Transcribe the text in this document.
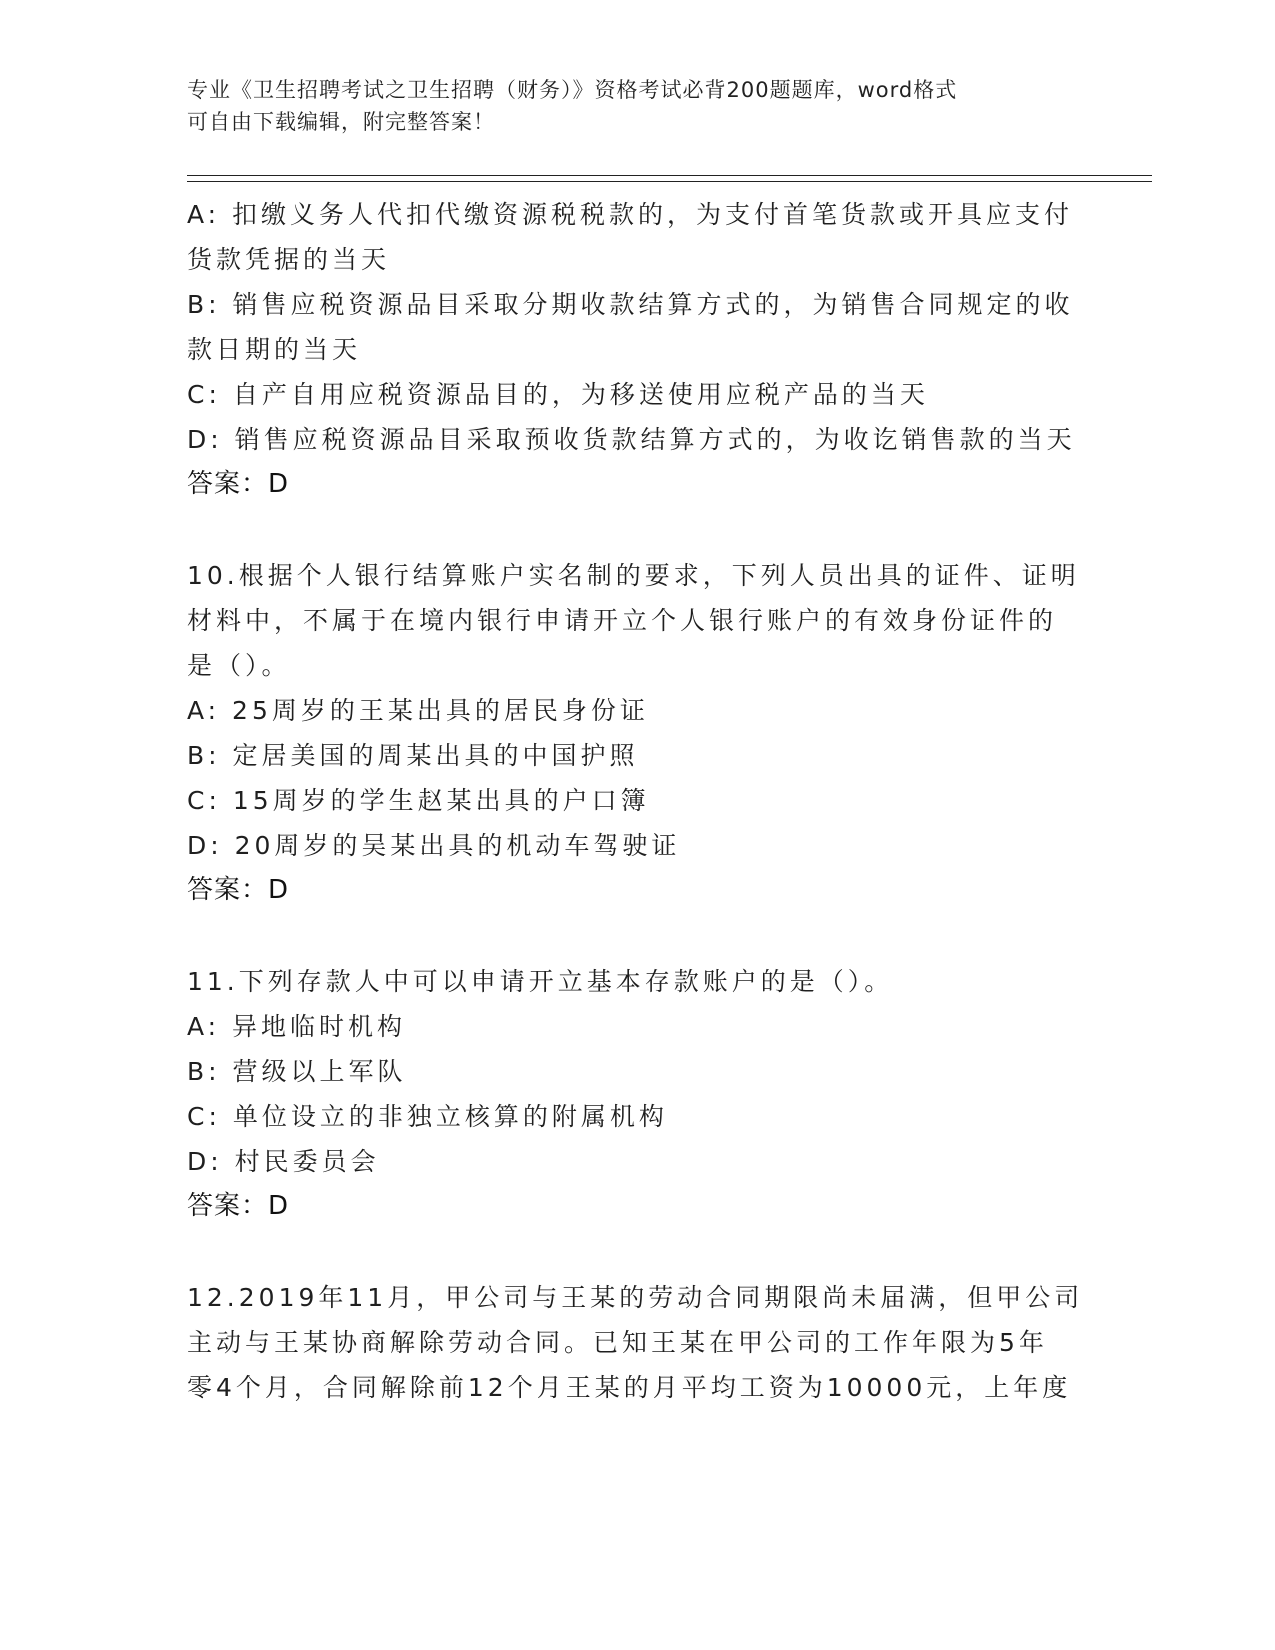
专业《卫生招聘考试之卫生招聘（财务）》资格考试必背200题题库，word格式
可自由下载编辑，附完整答案！
A: 扣缴义务人代扣代缴资源税税款的，为支付首笔货款或开具应支付
货款凭据的当天
B: 销售应税资源品目采取分期收款结算方式的，为销售合同规定的收
款日期的当天
C: 自产自用应税资源品目的，为移送使用应税产品的当天
D: 销售应税资源品目采取预收货款结算方式的，为收讫销售款的当天
答案：D
10.根据个人银行结算账户实名制的要求，下列人员出具的证件、证明
材料中，不属于在境内银行申请开立个人银行账户的有效身份证件的
是（）。
A: 25周岁的王某出具的居民身份证
B: 定居美国的周某出具的中国护照
C: 15周岁的学生赵某出具的户口簿
D: 20周岁的吴某出具的机动车驾驶证
答案：D
11.下列存款人中可以申请开立基本存款账户的是（）。
A: 异地临时机构
B: 营级以上军队
C: 单位设立的非独立核算的附属机构
D: 村民委员会
答案：D
12.2019年11月，甲公司与王某的劳动合同期限尚未届满，但甲公司
主动与王某协商解除劳动合同。已知王某在甲公司的工作年限为5年
零4个月，合同解除前12个月王某的月平均工资为10000元，上年度
